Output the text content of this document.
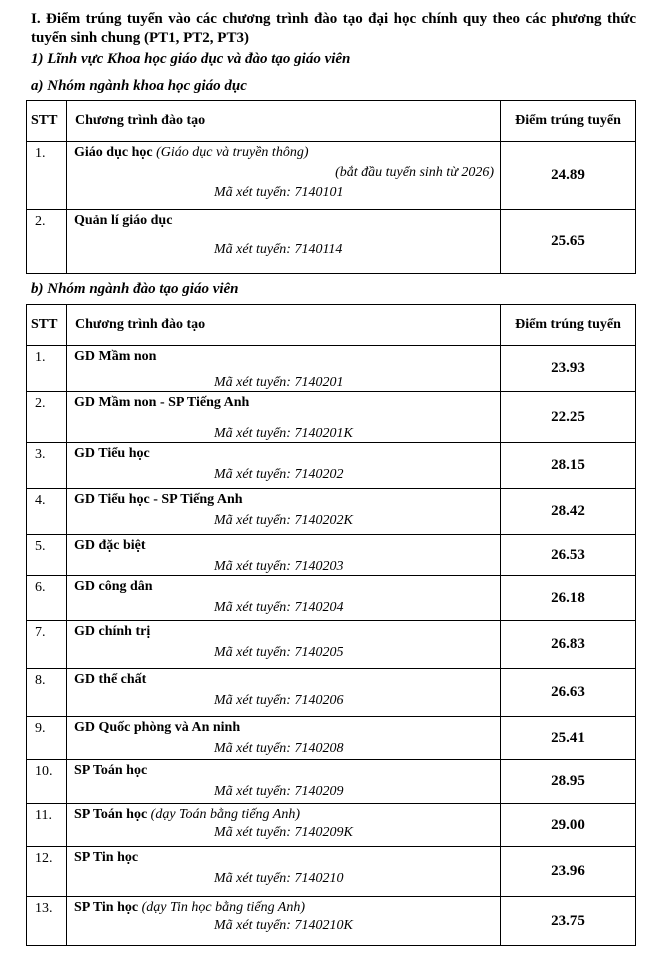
I. Điểm trúng tuyển vào các chương trình đào tạo đại học chính quy theo các phương thức tuyển sinh chung (PT1, PT2, PT3)
1) Lĩnh vực Khoa học giáo dục và đào tạo giáo viên
a) Nhóm ngành khoa học giáo dục
STT	Chương trình đào tạo	Điểm trúng tuyển
1.	Giáo dục học (Giáo dục và truyền thông)
(bắt đầu tuyển sinh từ 2026)
Mã xét tuyển: 7140101	24.89
2.	Quản lí giáo dục
Mã xét tuyển: 7140114	25.65
b) Nhóm ngành đào tạo giáo viên
STT	Chương trình đào tạo	Điểm trúng tuyển
1.	GD Mầm non
Mã xét tuyển: 7140201	23.93
2.	GD Mầm non - SP Tiếng Anh
Mã xét tuyển: 7140201K	22.25
3.	GD Tiểu học
Mã xét tuyển: 7140202	28.15
4.	GD Tiểu học - SP Tiếng Anh
Mã xét tuyển: 7140202K	28.42
5.	GD đặc biệt
Mã xét tuyển: 7140203	26.53
6.	GD công dân
Mã xét tuyển: 7140204	26.18
7.	GD chính trị
Mã xét tuyển: 7140205	26.83
8.	GD thể chất
Mã xét tuyển: 7140206	26.63
9.	GD Quốc phòng và An ninh
Mã xét tuyển: 7140208	25.41
10.	SP Toán học
Mã xét tuyển: 7140209	28.95
11.	SP Toán học (dạy Toán bằng tiếng Anh)
Mã xét tuyển: 7140209K	29.00
12.	SP Tin học
Mã xét tuyển: 7140210	23.96
13.	SP Tin học (dạy Tin học bằng tiếng Anh)
Mã xét tuyển: 7140210K	23.75
